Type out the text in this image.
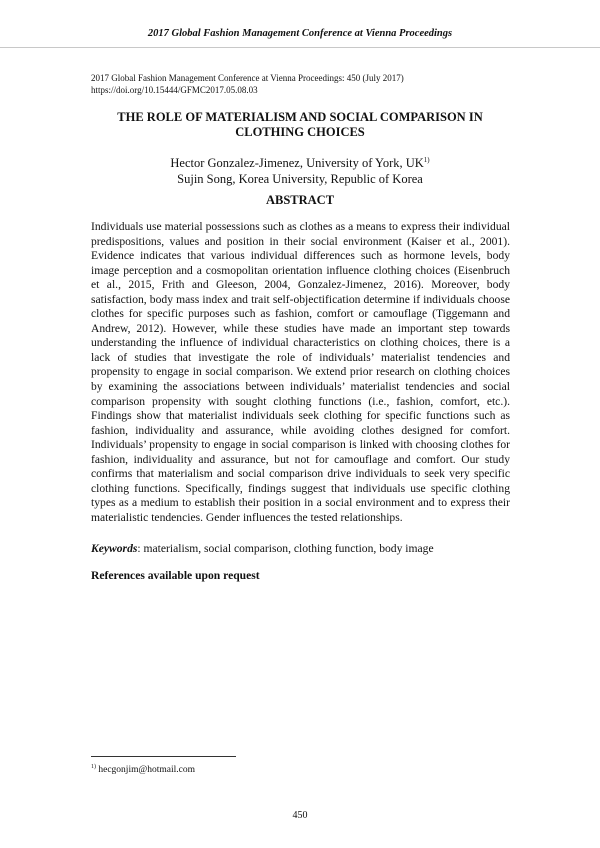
2017 Global Fashion Management Conference at Vienna Proceedings
2017 Global Fashion Management Conference at Vienna Proceedings: 450 (July 2017)
https://doi.org/10.15444/GFMC2017.05.08.03
THE ROLE OF MATERIALISM AND SOCIAL COMPARISON IN
CLOTHING CHOICES
Hector Gonzalez-Jimenez, University of York, UK$^{1)}$
Sujin Song, Korea University, Republic of Korea
ABSTRACT
Individuals use material possessions such as clothes as a means to express their individual predispositions, values and position in their social environment (Kaiser et al., 2001). Evidence indicates that various individual differences such as hormone levels, body image perception and a cosmopolitan orientation influence clothing choices (Eisenbruch et al., 2015, Frith and Gleeson, 2004, Gonzalez-Jimenez, 2016). Moreover, body satisfaction, body mass index and trait self-objectification determine if individuals choose clothes for specific purposes such as fashion, comfort or camouflage (Tiggemann and Andrew, 2012). However, while these studies have made an important step towards understanding the influence of individual characteristics on clothing choices, there is a lack of studies that investigate the role of individuals’ materialist tendencies and propensity to engage in social comparison. We extend prior research on clothing choices by examining the associations between individuals’ materialist tendencies and social comparison propensity with sought clothing functions (i.e., fashion, comfort, etc.). Findings show that materialist individuals seek clothing for specific functions such as fashion, individuality and assurance, while avoiding clothes designed for comfort. Individuals’ propensity to engage in social comparison is linked with choosing clothes for fashion, individuality and assurance, but not for camouflage and comfort. Our study confirms that materialism and social comparison drive individuals to seek very specific clothing functions. Specifically, findings suggest that individuals use specific clothing types as a medium to establish their position in a social environment and to express their materialistic tendencies. Gender influences the tested relationships.
Keywords: materialism, social comparison, clothing function, body image
References available upon request
$^{1)}$ hecgonjim@hotmail.com
450
